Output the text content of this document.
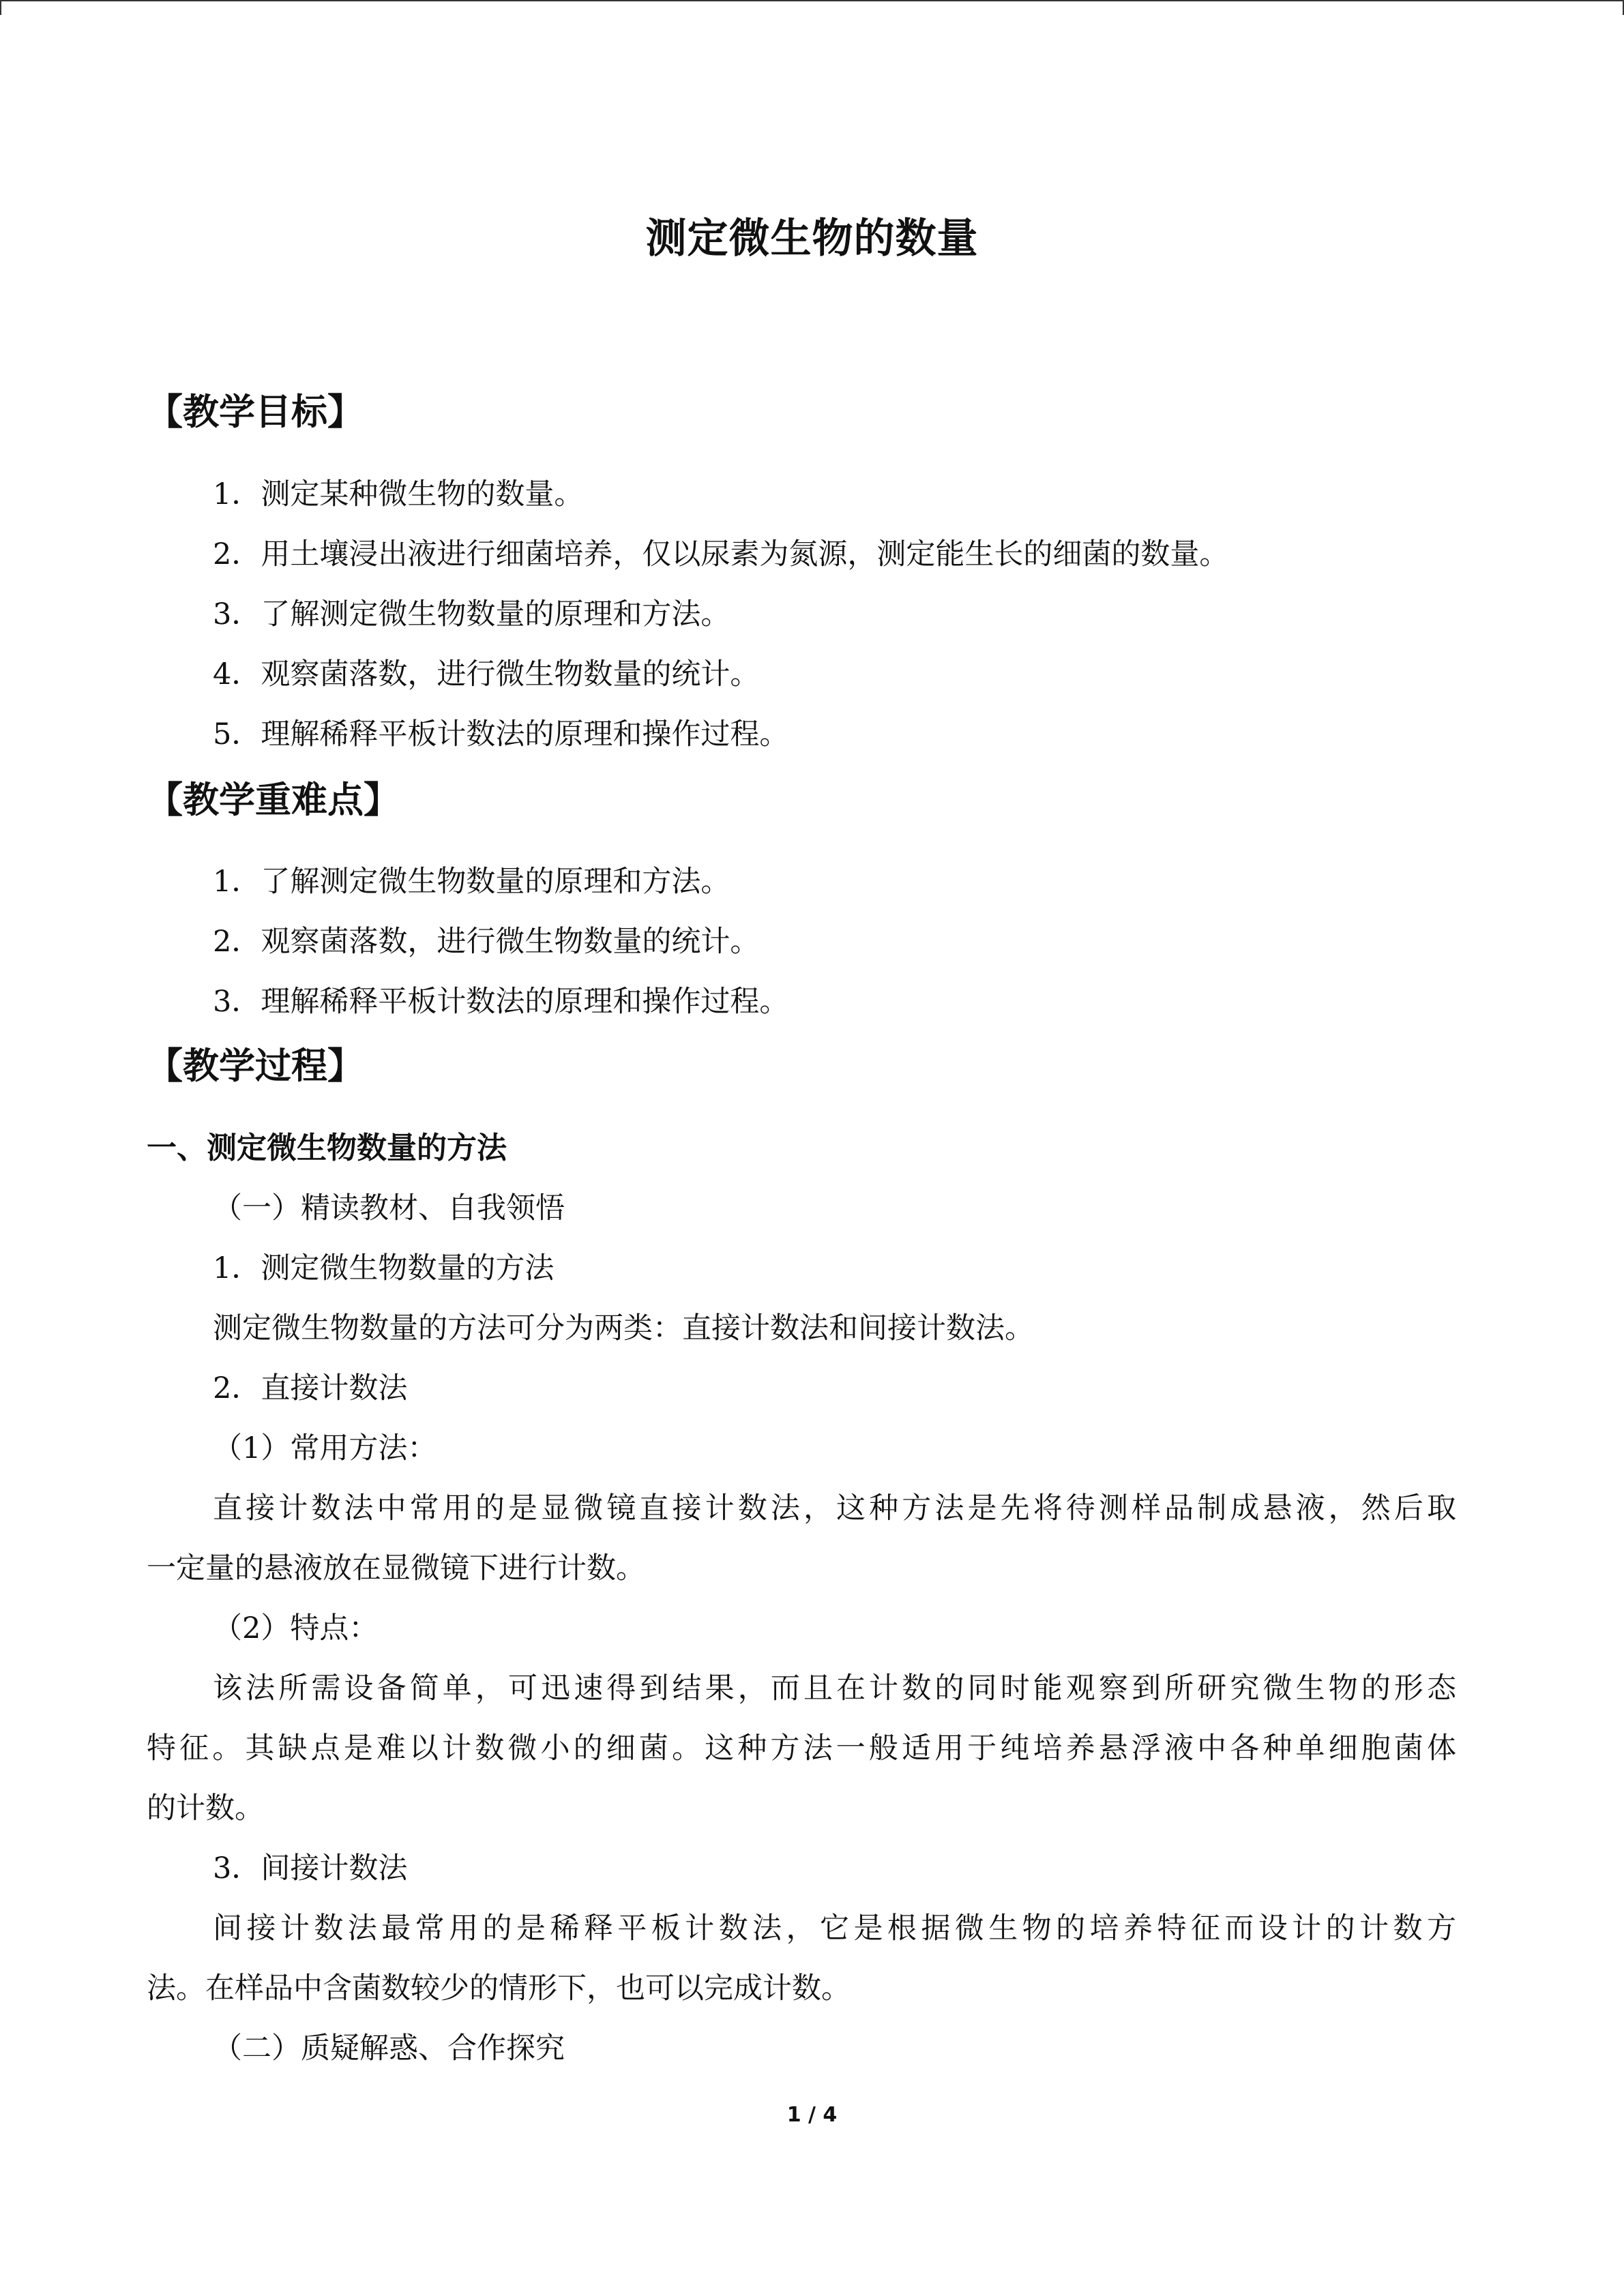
测定微生物的数量
【教学目标】
1．测定某种微生物的数量。
2．用土壤浸出液进行细菌培养，仅以尿素为氮源，测定能生长的细菌的数量。
3．了解测定微生物数量的原理和方法。
4．观察菌落数，进行微生物数量的统计。
5．理解稀释平板计数法的原理和操作过程。
【教学重难点】
1．了解测定微生物数量的原理和方法。
2．观察菌落数，进行微生物数量的统计。
3．理解稀释平板计数法的原理和操作过程。
【教学过程】
一、测定微生物数量的方法
（一）精读教材、自我领悟
1．测定微生物数量的方法
测定微生物数量的方法可分为两类：直接计数法和间接计数法。
2．直接计数法
（1）常用方法：
直接计数法中常用的是显微镜直接计数法，这种方法是先将待测样品制成悬液，然后取
一定量的悬液放在显微镜下进行计数。
（2）特点：
该法所需设备简单，可迅速得到结果，而且在计数的同时能观察到所研究微生物的形态
特征。其缺点是难以计数微小的细菌。这种方法一般适用于纯培养悬浮液中各种单细胞菌体
的计数。
3．间接计数法
间接计数法最常用的是稀释平板计数法，它是根据微生物的培养特征而设计的计数方
法。在样品中含菌数较少的情形下，也可以完成计数。
（二）质疑解惑、合作探究
1 / 4
